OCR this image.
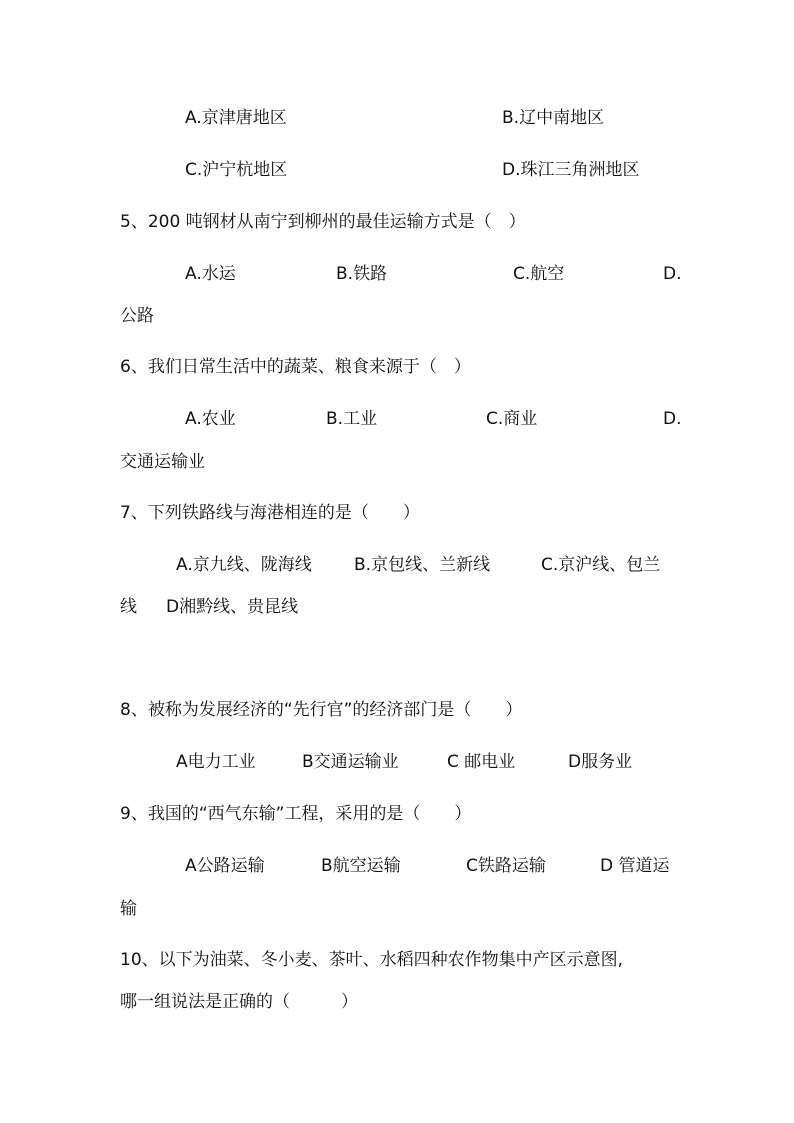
A.京津唐地区	B.辽中南地区
C.沪宁杭地区	D.珠江三角洲地区
5、200 吨钢材从南宁到柳州的最佳运输方式是（　）
A.水运	B.铁路	C.航空	D.
公路
6、我们日常生活中的蔬菜、粮食来源于（　）
A.农业	B.工业	C.商业	D.
交通运输业
7、下列铁路线与海港相连的是（　　）
A.京九线、陇海线 B.京包线、兰新线	C.京沪线、包兰
线 D湘黔线、贵昆线
8、被称为发展经济的“先行官”的经济部门是（　　）
A电力工业	B交通运输业	C 邮电业	D服务业
9、我国的“西气东输”工程，采用的是（　　）
A公路运输	B航空运输	C铁路运输	D 管道运
输
10、以下为油菜、冬小麦、茶叶、水稻四种农作物集中产区示意图,
哪一组说法是正确的（　　　）
